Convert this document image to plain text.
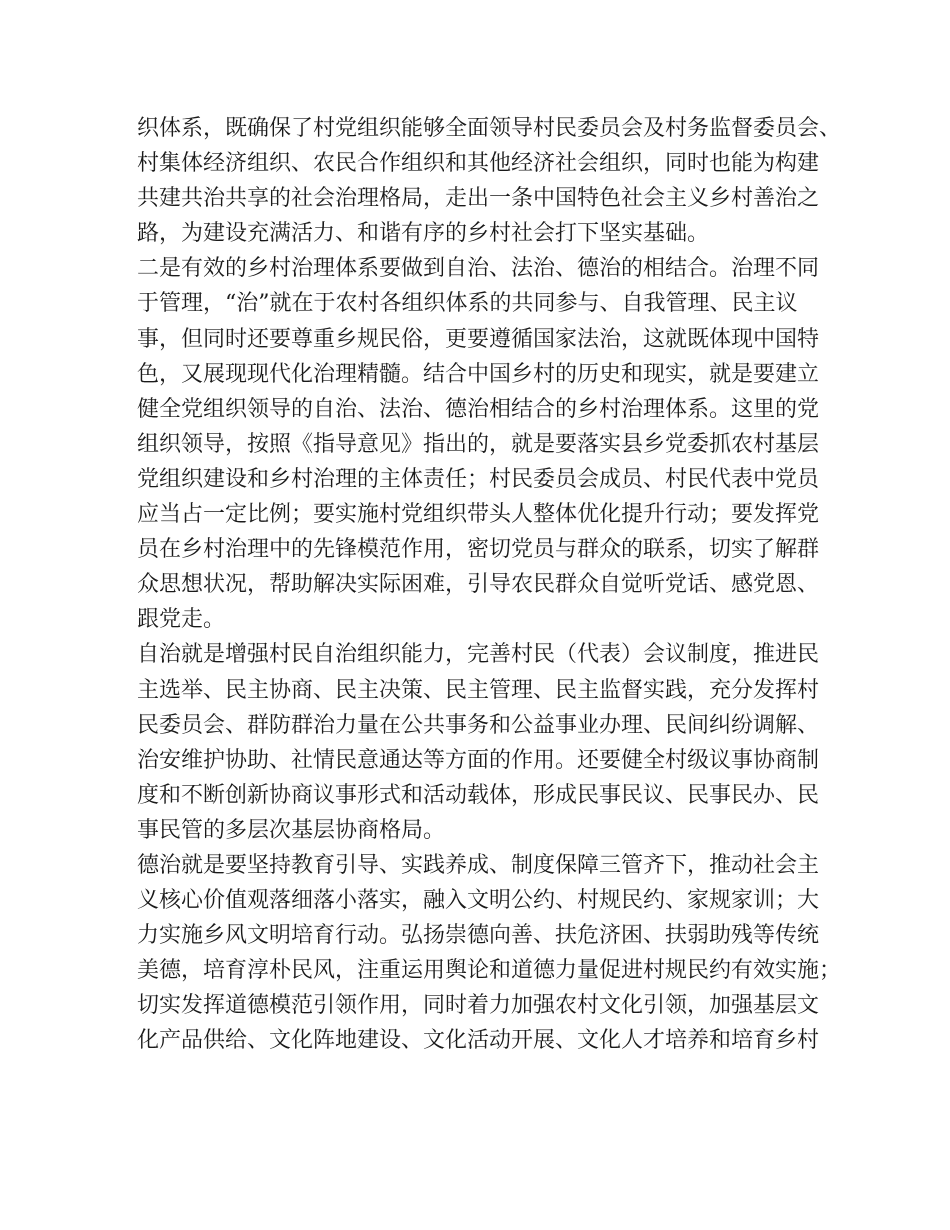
织体系，既确保了村党组织能够全面领导村民委员会及村务监督委员会、
村集体经济组织、农民合作组织和其他经济社会组织，同时也能为构建
共建共治共享的社会治理格局，走出一条中国特色社会主义乡村善治之
路，为建设充满活力、和谐有序的乡村社会打下坚实基础。
二是有效的乡村治理体系要做到自治、法治、德治的相结合。治理不同
于管理，“治”就在于农村各组织体系的共同参与、自我管理、民主议
事，但同时还要尊重乡规民俗，更要遵循国家法治，这就既体现中国特
色，又展现现代化治理精髓。结合中国乡村的历史和现实，就是要建立
健全党组织领导的自治、法治、德治相结合的乡村治理体系。这里的党
组织领导，按照《指导意见》指出的，就是要落实县乡党委抓农村基层
党组织建设和乡村治理的主体责任；村民委员会成员、村民代表中党员
应当占一定比例；要实施村党组织带头人整体优化提升行动；要发挥党
员在乡村治理中的先锋模范作用，密切党员与群众的联系，切实了解群
众思想状况，帮助解决实际困难，引导农民群众自觉听党话、感党恩、
跟党走。
自治就是增强村民自治组织能力，完善村民（代表）会议制度，推进民
主选举、民主协商、民主决策、民主管理、民主监督实践，充分发挥村
民委员会、群防群治力量在公共事务和公益事业办理、民间纠纷调解、
治安维护协助、社情民意通达等方面的作用。还要健全村级议事协商制
度和不断创新协商议事形式和活动载体，形成民事民议、民事民办、民
事民管的多层次基层协商格局。
德治就是要坚持教育引导、实践养成、制度保障三管齐下，推动社会主
义核心价值观落细落小落实，融入文明公约、村规民约、家规家训；大
力实施乡风文明培育行动。弘扬崇德向善、扶危济困、扶弱助残等传统
美德，培育淳朴民风，注重运用舆论和道德力量促进村规民约有效实施；
切实发挥道德模范引领作用，同时着力加强农村文化引领，加强基层文
化产品供给、文化阵地建设、文化活动开展、文化人才培养和培育乡村
